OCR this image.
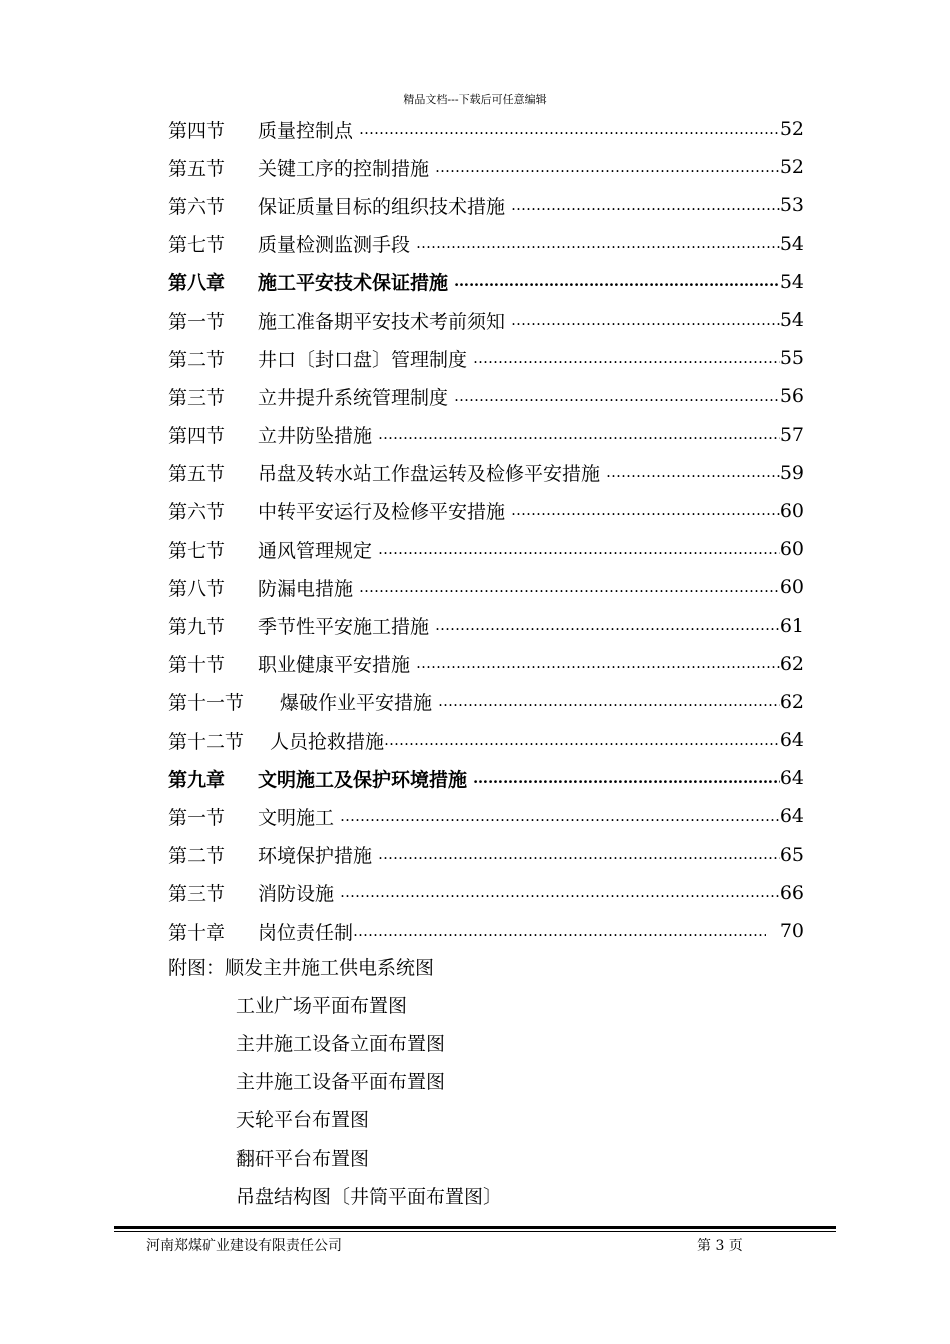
精品文档---下载后可任意编辑
第四节	质量控制点 …………………………………………………………………………………………………………………………………………………………………	52
第五节	关键工序的控制措施 …………………………………………………………………………………………………………………………………………………………………	52
第六节	保证质量目标的组织技术措施 …………………………………………………………………………………………………………………………………………………………………	53
第七节	质量检测监测手段 …………………………………………………………………………………………………………………………………………………………………	54
第八章	施工平安技术保证措施 …………………………………………………………………………………………………………………………………………………………………	54
第一节	施工准备期平安技术考前须知 …………………………………………………………………………………………………………………………………………………………………	54
第二节	井口〔封口盘〕管理制度 …………………………………………………………………………………………………………………………………………………………………	55
第三节	立井提升系统管理制度 …………………………………………………………………………………………………………………………………………………………………	56
第四节	立井防坠措施 …………………………………………………………………………………………………………………………………………………………………	57
第五节	吊盘及转水站工作盘运转及检修平安措施 …………………………………………………………………………………………………………………………………………………………………	59
第六节	中转平安运行及检修平安措施 …………………………………………………………………………………………………………………………………………………………………	60
第七节	通风管理规定 …………………………………………………………………………………………………………………………………………………………………	60
第八节	防漏电措施 …………………………………………………………………………………………………………………………………………………………………	60
第九节	季节性平安施工措施 …………………………………………………………………………………………………………………………………………………………………	61
第十节	职业健康平安措施 …………………………………………………………………………………………………………………………………………………………………	62
第十一节	爆破作业平安措施 …………………………………………………………………………………………………………………………………………………………………	62
第十二节	人员抢救措施 …………………………………………………………………………………………………………………………………………………………………	64
第九章	文明施工及保护环境措施 …………………………………………………………………………………………………………………………………………………………………	64
第一节	文明施工 …………………………………………………………………………………………………………………………………………………………………	64
第二节	环境保护措施 …………………………………………………………………………………………………………………………………………………………………	65
第三节	消防设施 …………………………………………………………………………………………………………………………………………………………………	66
第十章	岗位责任制 …………………………………………………………………………………………………………………………………………………………………	70
附图：顺发主井施工供电系统图
工业广场平面布置图
主井施工设备立面布置图
主井施工设备平面布置图
天轮平台布置图
翻矸平台布置图
吊盘结构图〔井筒平面布置图〕
河南郑煤矿业建设有限责任公司	第 3 页
